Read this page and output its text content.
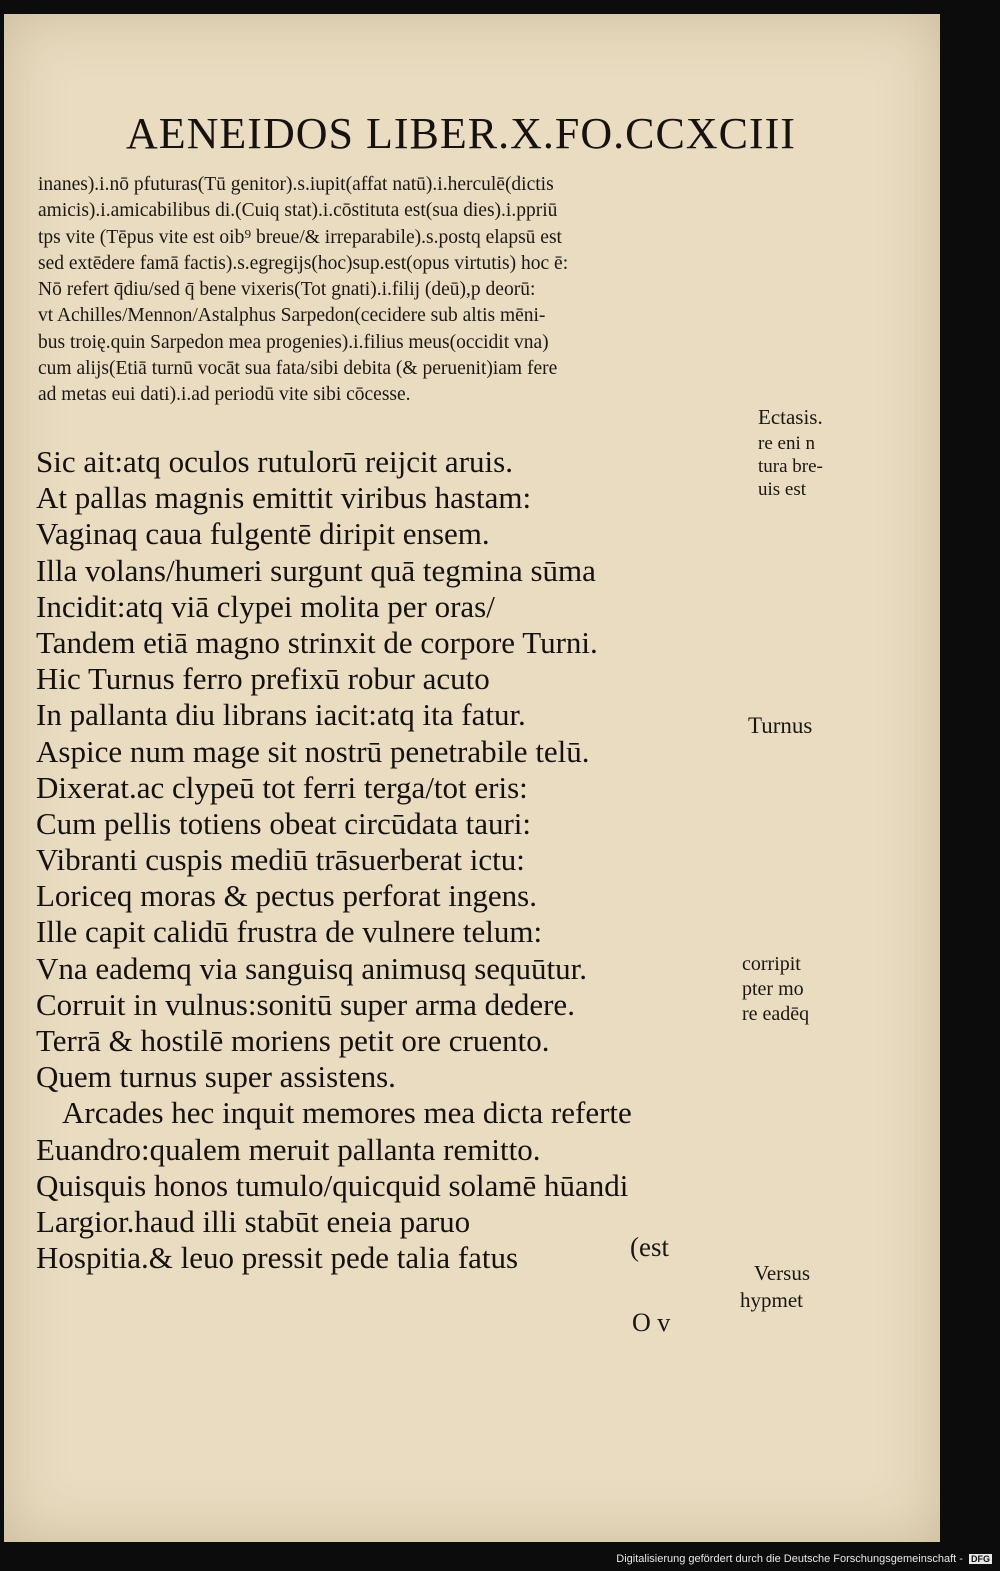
AENEIDOS LIBER.X.FO.CCXCIII
inanes).i.nō pfuturas(Tū genitor).s.iupit(affat natū).i.herculē(dictis
amicis).i.amicabilibus di.(Cuiq stat).i.cōstituta est(sua dies).i.ppriū
tps vite (Tēpus vite est oib⁹ breue/& irreparabile).s.postq elapsū est
sed extēdere famā factis).s.egregijs(hoc)sup.est(opus virtutis) hoc ē:
Nō refert q̄diu/sed q̄ bene vixeris(Tot gnati).i.filij (deū),p deorū:
vt Achilles/Mennon/Astalphus Sarpedon(cecidere sub altis mēni-
bus troię.quin Sarpedon mea progenies).i.filius meus(occidit vna)
cum alijs(Etiā turnū vocāt sua fata/sibi debita (& peruenit)iam fere
ad metas eui dati).i.ad periodū vite sibi cōcesse.
Sic ait:atq oculos rutulorū reijcit aruis.
At pallas magnis emittit viribus hastam:
Vaginaq caua fulgentē diripit ensem.
Illa volans/humeri surgunt quā tegmina sūma
Incidit:atq viā clypei molita per oras/
Tandem etiā magno strinxit de corpore Turni.
Hic Turnus ferro prefixū robur acuto
In pallanta diu librans iacit:atq ita fatur.
Aspice num mage sit nostrū penetrabile telū.
Dixerat.ac clypeū tot ferri terga/tot eris:
Cum pellis totiens obeat circūdata tauri:
Vibranti cuspis mediū trāsuerberat ictu:
Loriceq moras & pectus perforat ingens.
Ille capit calidū frustra de vulnere telum:
Vna eademq via sanguisq animusq sequūtur.
Corruit in vulnus:sonitū super arma dedere.
Terrā & hostilē moriens petit ore cruento.
Quem turnus super assistens.
Arcades hec inquit memores mea dicta referte
Euandro:qualem meruit pallanta remitto.
Quisquis honos tumulo/quicquid solamē hūandi
Largior.haud illi stabūt eneia paruo
Hospitia.& leuo pressit pede talia fatus	(est
O v
Ectasis.
re eni n
tura bre-
uis est
Turnus
corripit
pter mo
re eadēq
Versus
hypmet
Digitalisierung gefördert durch die Deutsche Forschungsgemeinschaft - DFG
